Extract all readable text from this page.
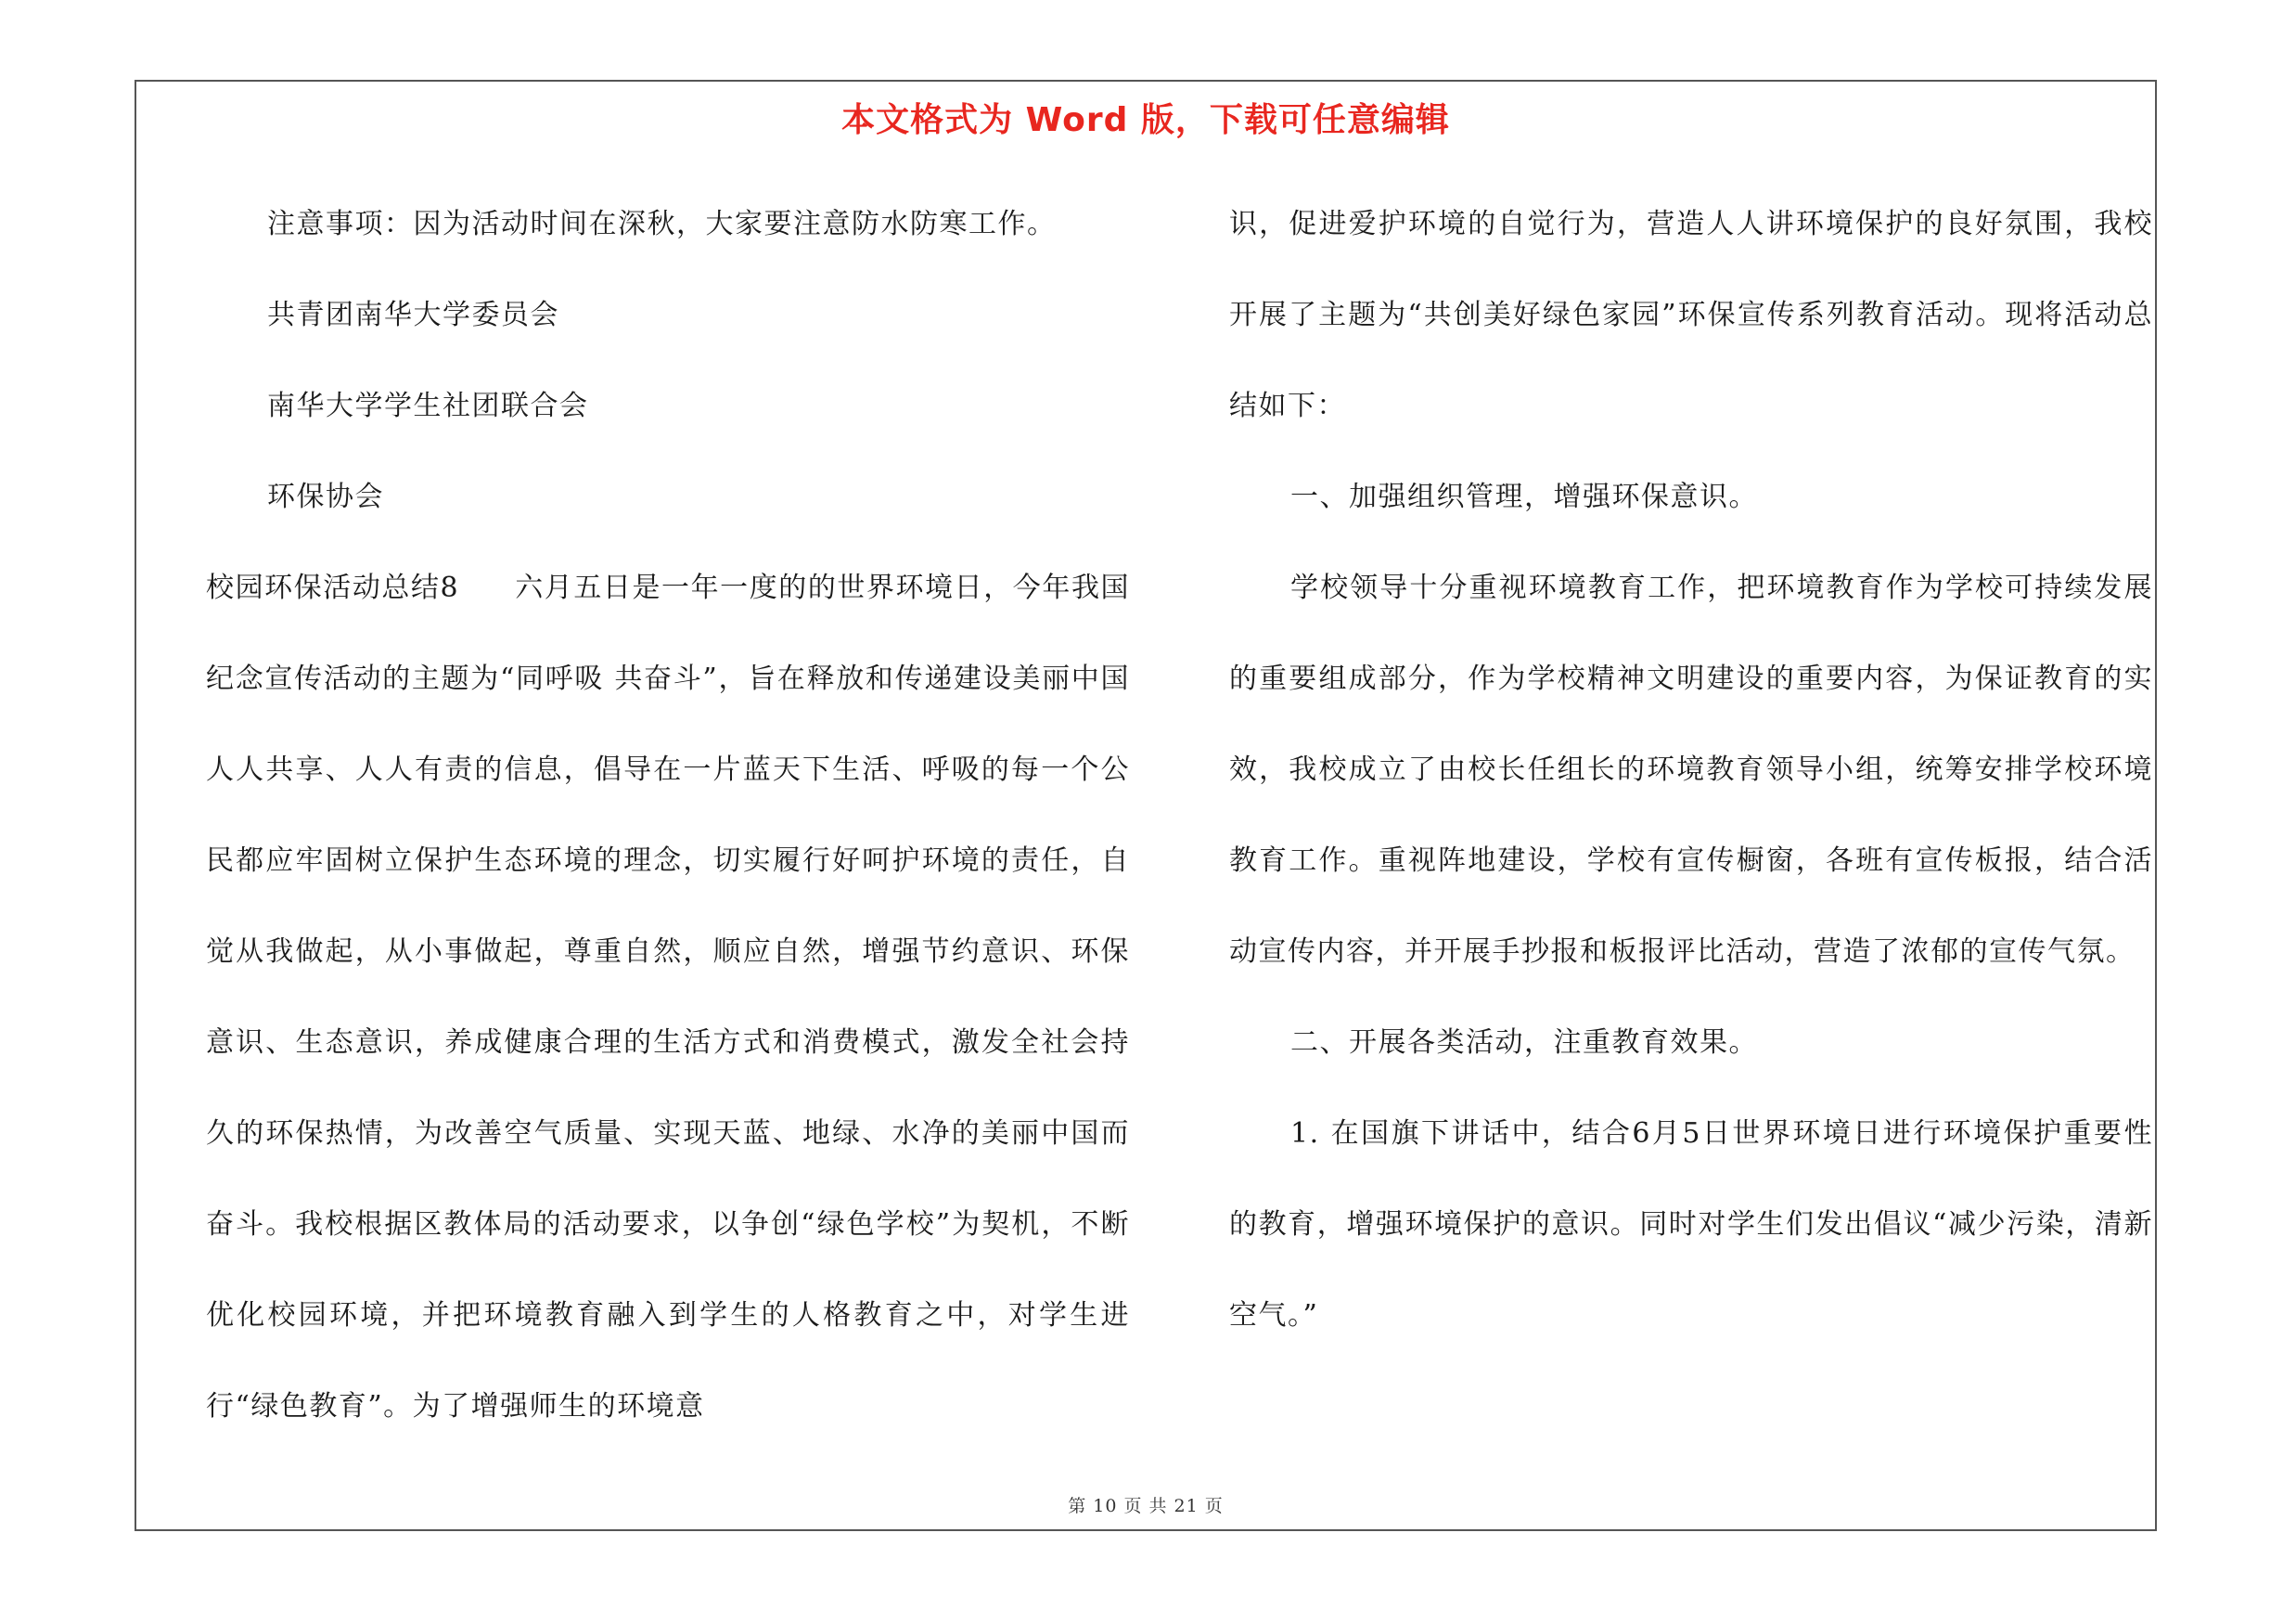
本文格式为 Word 版，下载可任意编辑

注意事项：因为活动时间在深秋，大家要注意防水防寒工作。

共青团南华大学委员会

南华大学学生社团联合会

环保协会

校园环保活动总结8 六月五日是一年一度的的世界环境日，今年我国纪念宣传活动的主题为“同呼吸 共奋斗”，旨在释放和传递建设美丽中国人人共享、人人有责的信息，倡导在一片蓝天下生活、呼吸的每一个公民都应牢固树立保护生态环境的理念，切实履行好呵护环境的责任，自觉从我做起，从小事做起，尊重自然，顺应自然，增强节约意识、环保意识、生态意识，养成健康合理的生活方式和消费模式，激发全社会持久的环保热情，为改善空气质量、实现天蓝、地绿、水净的美丽中国而奋斗。我校根据区教体局的活动要求，以争创“绿色学校”为契机，不断优化校园环境，并把环境教育融入到学生的人格教育之中，对学生进行“绿色教育”。为了增强师生的环境意

识，促进爱护环境的自觉行为，营造人人讲环境保护的良好氛围，我校开展了主题为“共创美好绿色家园”环保宣传系列教育活动。现将活动总结如下：

一、加强组织管理，增强环保意识。

学校领导十分重视环境教育工作，把环境教育作为学校可持续发展的重要组成部分，作为学校精神文明建设的重要内容，为保证教育的实效，我校成立了由校长任组长的环境教育领导小组，统筹安排学校环境教育工作。重视阵地建设，学校有宣传橱窗，各班有宣传板报，结合活动宣传内容，并开展手抄报和板报评比活动，营造了浓郁的宣传气氛。

二、开展各类活动，注重教育效果。

1. 在国旗下讲话中，结合6月5日世界环境日进行环境保护重要性的教育，增强环境保护的意识。同时对学生们发出倡议“减少污染，清新空气。”

第 10 页 共 21 页
